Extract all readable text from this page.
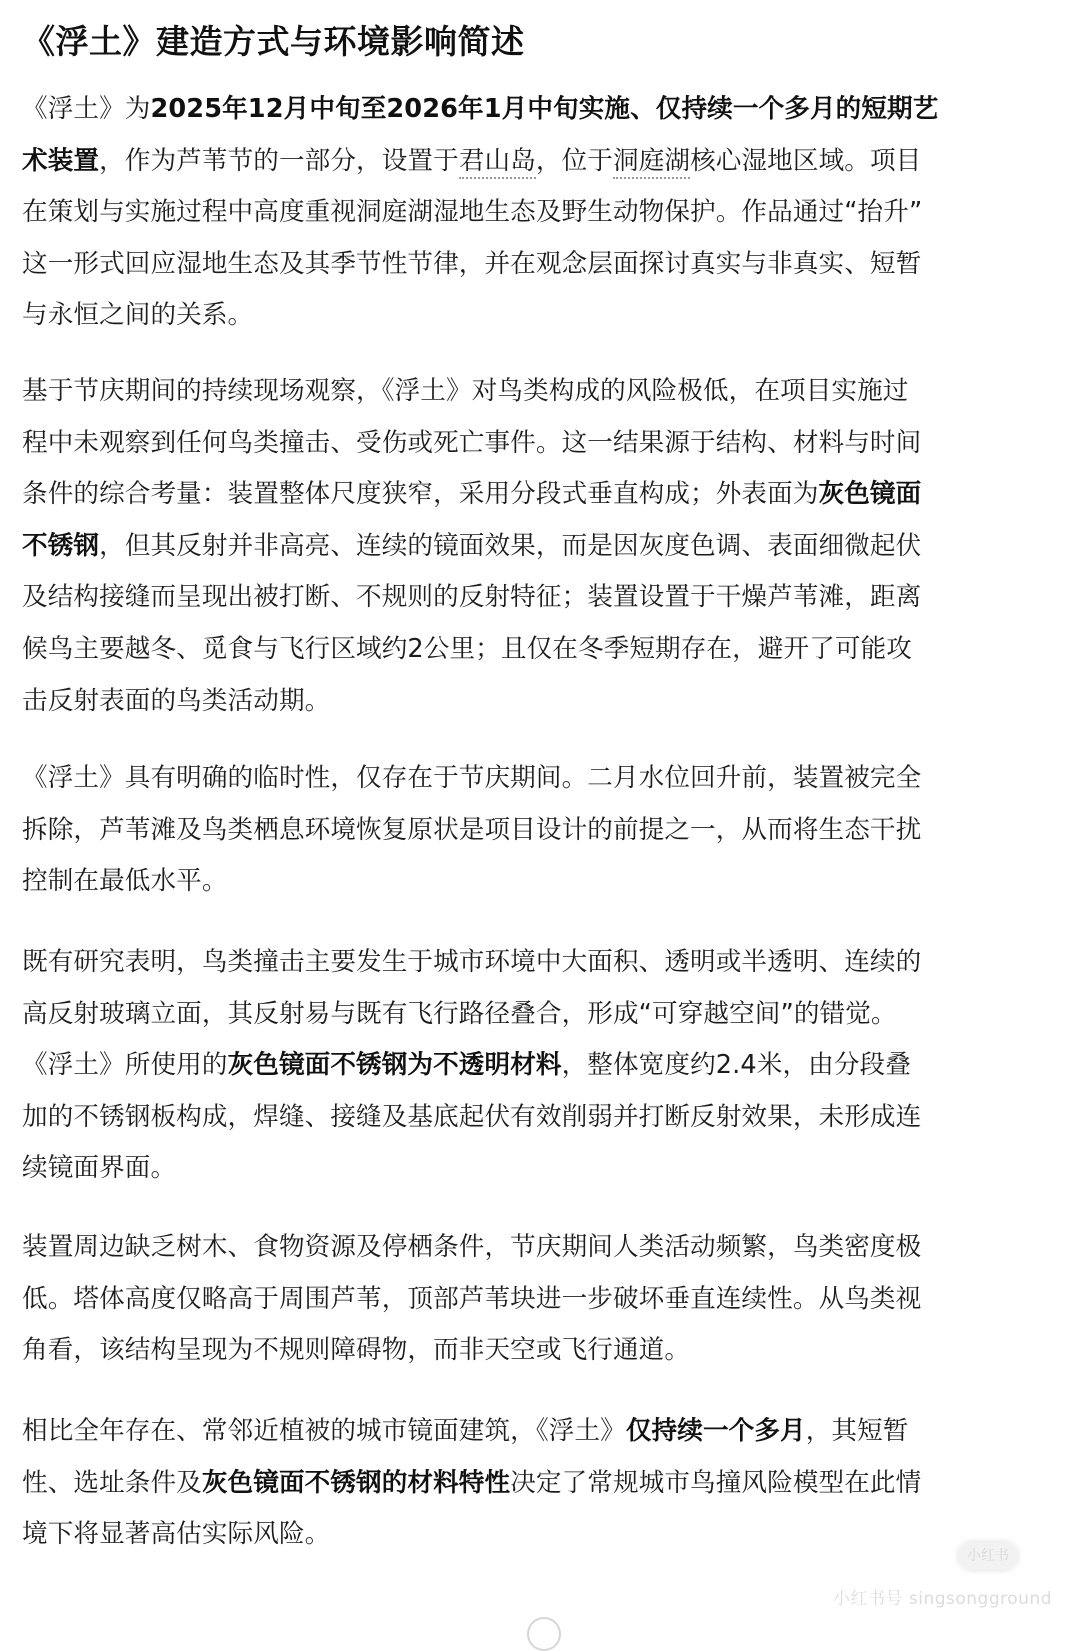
《浮土》建造方式与环境影响简述
《浮土》为2025年12月中旬至2026年1月中旬实施、仅持续一个多月的短期艺
术装置，作为芦苇节的一部分，设置于君山岛，位于洞庭湖核心湿地区域。项目
在策划与实施过程中高度重视洞庭湖湿地生态及野生动物保护。作品通过“抬升”
这一形式回应湿地生态及其季节性节律，并在观念层面探讨真实与非真实、短暂
与永恒之间的关系。
基于节庆期间的持续现场观察，《浮土》对鸟类构成的风险极低，在项目实施过
程中未观察到任何鸟类撞击、受伤或死亡事件。这一结果源于结构、材料与时间
条件的综合考量：装置整体尺度狭窄，采用分段式垂直构成；外表面为灰色镜面
不锈钢，但其反射并非高亮、连续的镜面效果，而是因灰度色调、表面细微起伏
及结构接缝而呈现出被打断、不规则的反射特征；装置设置于干燥芦苇滩，距离
候鸟主要越冬、觅食与飞行区域约2公里；且仅在冬季短期存在，避开了可能攻
击反射表面的鸟类活动期。
《浮土》具有明确的临时性，仅存在于节庆期间。二月水位回升前，装置被完全
拆除，芦苇滩及鸟类栖息环境恢复原状是项目设计的前提之一，从而将生态干扰
控制在最低水平。
既有研究表明，鸟类撞击主要发生于城市环境中大面积、透明或半透明、连续的
高反射玻璃立面，其反射易与既有飞行路径叠合，形成“可穿越空间”的错觉。
《浮土》所使用的灰色镜面不锈钢为不透明材料，整体宽度约2.4米，由分段叠
加的不锈钢板构成，焊缝、接缝及基底起伏有效削弱并打断反射效果，未形成连
续镜面界面。
装置周边缺乏树木、食物资源及停栖条件，节庆期间人类活动频繁，鸟类密度极
低。塔体高度仅略高于周围芦苇，顶部芦苇块进一步破坏垂直连续性。从鸟类视
角看，该结构呈现为不规则障碍物，而非天空或飞行通道。
相比全年存在、常邻近植被的城市镜面建筑，《浮土》仅持续一个多月，其短暂
性、选址条件及灰色镜面不锈钢的材料特性决定了常规城市鸟撞风险模型在此情
境下将显著高估实际风险。
小红书
小红书号 singsongground
